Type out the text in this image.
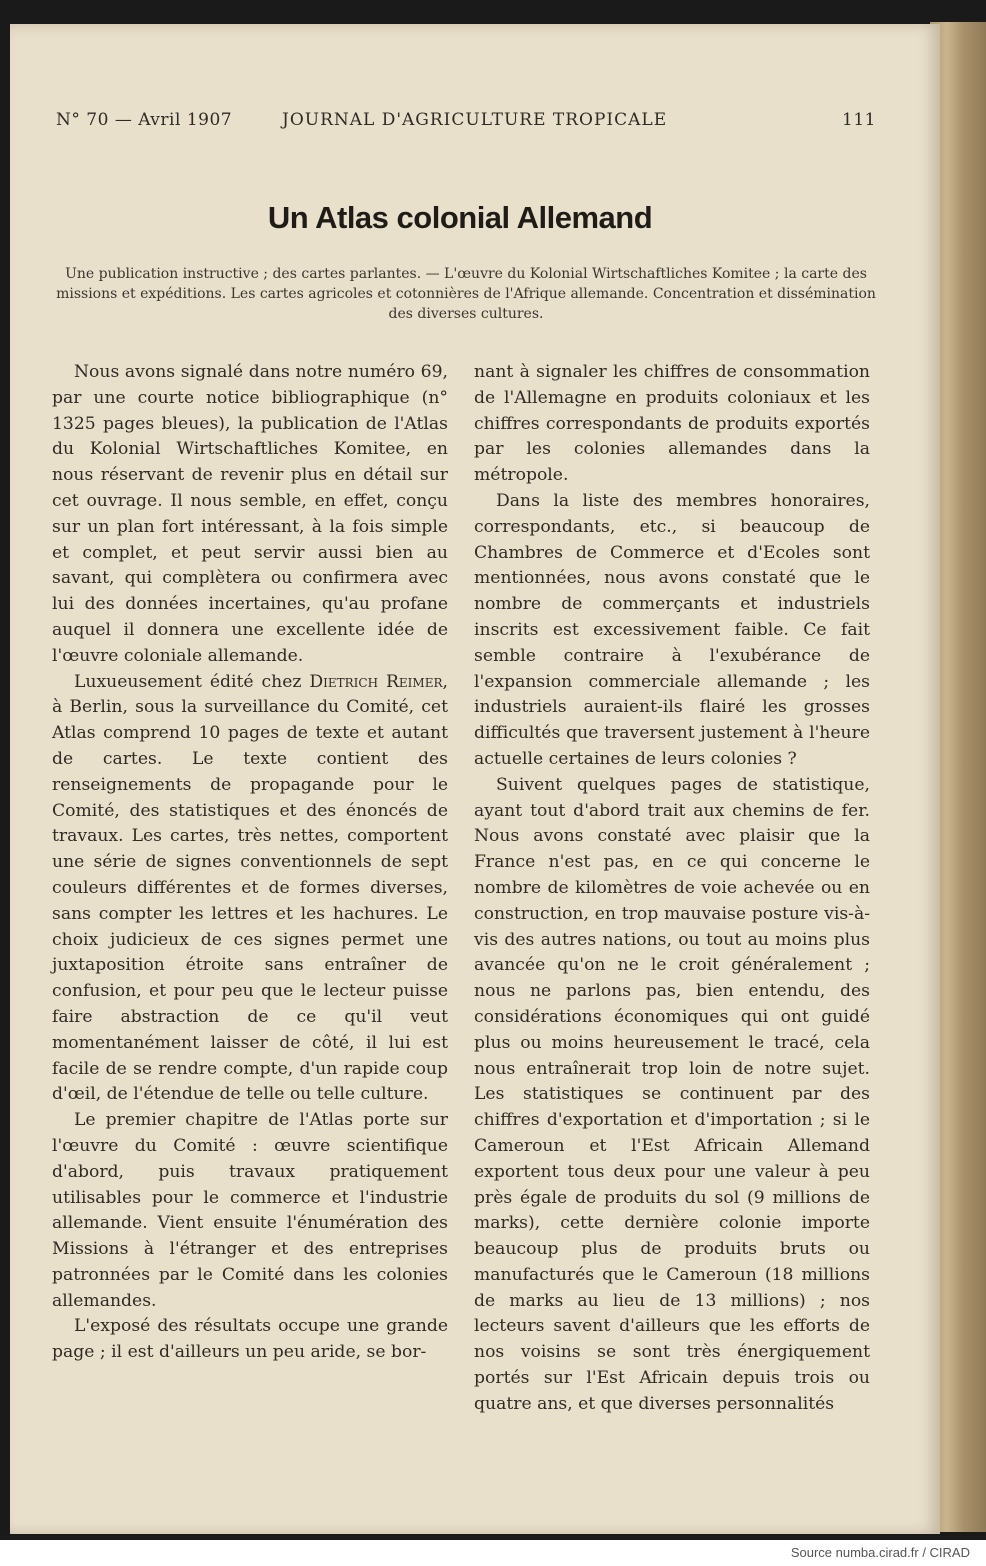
N° 70 — Avril 1907	JOURNAL D'AGRICULTURE TROPICALE	111
Un Atlas colonial Allemand
Une publication instructive ; des cartes parlantes. — L'œuvre du Kolonial Wirtschaftliches Komitee ; la carte des missions et expéditions. Les cartes agricoles et cotonnières de l'Afrique allemande. Concentration et dissémination des diverses cultures.

Nous avons signalé dans notre numéro 69, par une courte notice bibliographique (n° 1325 pages bleues), la publication de l'Atlas du Kolonial Wirtschaftliches Komitee, en nous réservant de revenir plus en détail sur cet ouvrage. Il nous semble, en effet, conçu sur un plan fort intéressant, à la fois simple et complet, et peut servir aussi bien au savant, qui complètera ou confirmera avec lui des données incertaines, qu'au profane auquel il donnera une excellente idée de l'œuvre coloniale allemande.

Luxueusement édité chez Dietrich Reimer, à Berlin, sous la surveillance du Comité, cet Atlas comprend 10 pages de texte et autant de cartes. Le texte contient des renseignements de propagande pour le Comité, des statistiques et des énoncés de travaux. Les cartes, très nettes, comportent une série de signes conventionnels de sept couleurs différentes et de formes diverses, sans compter les lettres et les hachures. Le choix judicieux de ces signes permet une juxtaposition étroite sans entraîner de confusion, et pour peu que le lecteur puisse faire abstraction de ce qu'il veut momentanément laisser de côté, il lui est facile de se rendre compte, d'un rapide coup d'œil, de l'étendue de telle ou telle culture.

Le premier chapitre de l'Atlas porte sur l'œuvre du Comité : œuvre scientifique d'abord, puis travaux pratiquement utilisables pour le commerce et l'industrie allemande. Vient ensuite l'énumération des Missions à l'étranger et des entreprises patronnées par le Comité dans les colonies allemandes.

L'exposé des résultats occupe une grande page ; il est d'ailleurs un peu aride, se bor-

nant à signaler les chiffres de consommation de l'Allemagne en produits coloniaux et les chiffres correspondants de produits exportés par les colonies allemandes dans la métropole.

Dans la liste des membres honoraires, correspondants, etc., si beaucoup de Chambres de Commerce et d'Ecoles sont mentionnées, nous avons constaté que le nombre de commerçants et industriels inscrits est excessivement faible. Ce fait semble contraire à l'exubérance de l'expansion commerciale allemande ; les industriels auraient-ils flairé les grosses difficultés que traversent justement à l'heure actuelle certaines de leurs colonies ?

Suivent quelques pages de statistique, ayant tout d'abord trait aux chemins de fer. Nous avons constaté avec plaisir que la France n'est pas, en ce qui concerne le nombre de kilomètres de voie achevée ou en construction, en trop mauvaise posture vis-à-vis des autres nations, ou tout au moins plus avancée qu'on ne le croit généralement ; nous ne parlons pas, bien entendu, des considérations économiques qui ont guidé plus ou moins heureusement le tracé, cela nous entraînerait trop loin de notre sujet. Les statistiques se continuent par des chiffres d'exportation et d'importation ; si le Cameroun et l'Est Africain Allemand exportent tous deux pour une valeur à peu près égale de produits du sol (9 millions de marks), cette dernière colonie importe beaucoup plus de produits bruts ou manufacturés que le Cameroun (18 millions de marks au lieu de 13 millions) ; nos lecteurs savent d'ailleurs que les efforts de nos voisins se sont très énergiquement portés sur l'Est Africain depuis trois ou quatre ans, et que diverses personnalités

Source numba.cirad.fr / CIRAD
